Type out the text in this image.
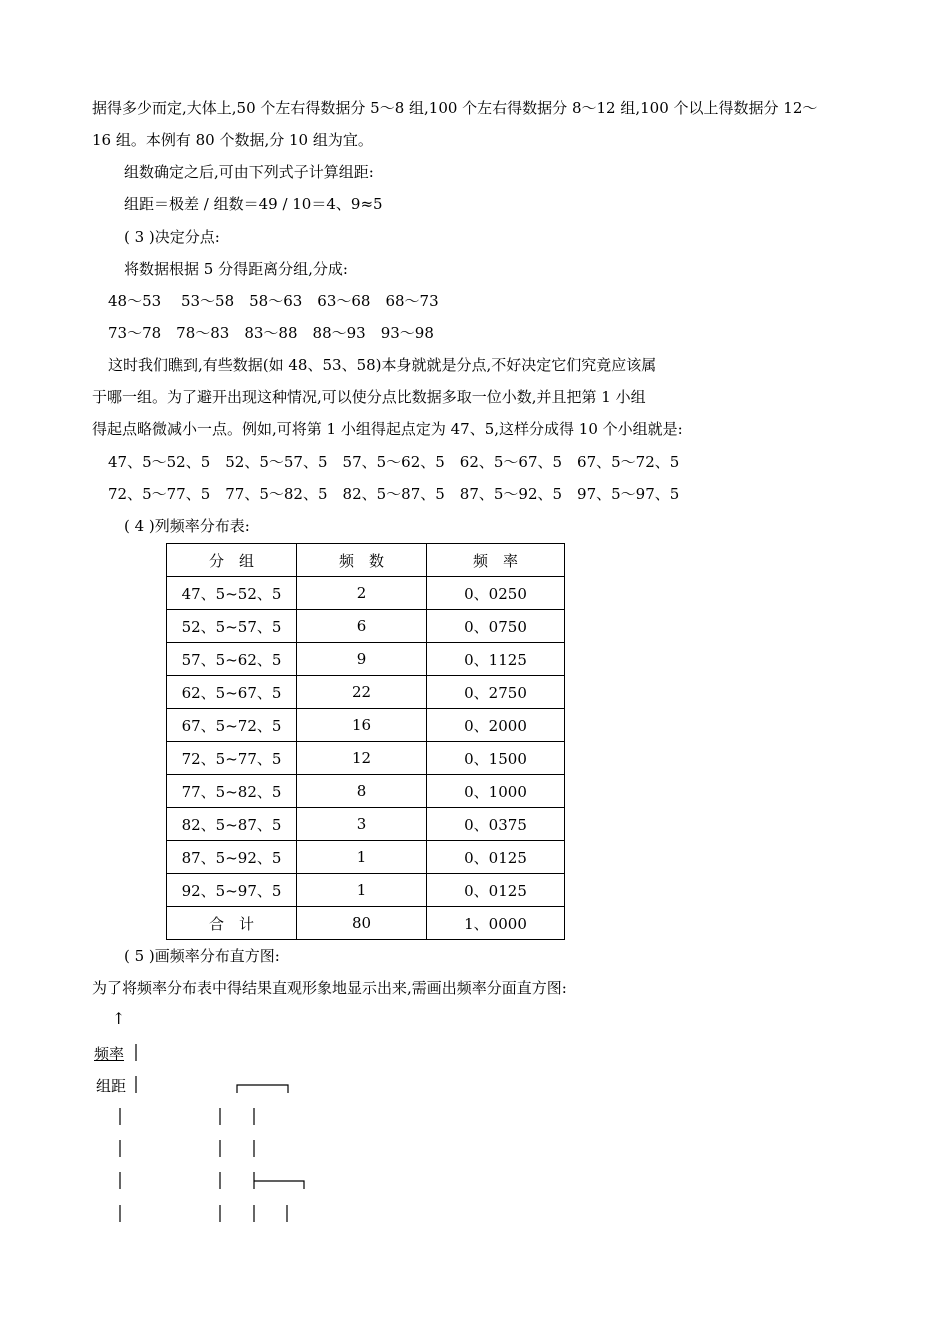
据得多少而定,大体上,50 个左右得数据分 5～8 组,100 个左右得数据分 8～12 组,100 个以上得数据分 12～
16 组。本例有 80 个数据,分 10 组为宜。
组数确定之后,可由下列式子计算组距:
组距＝极差 / 组数＝49 / 10＝4、9≈5
( 3 )决定分点:
将数据根据 5 分得距离分组,分成:
48～53　 53～58　58～63　63～68　68～73
73～78　78～83　83～88　88～93　93～98
这时我们瞧到,有些数据(如 48、53、58)本身就就是分点,不好决定它们究竟应该属
于哪一组。为了避开出现这种情况,可以使分点比数据多取一位小数,并且把第 1 小组
得起点略微减小一点。例如,可将第 1 小组得起点定为 47、5,这样分成得 10 个小组就是:
47、5～52、5　52、5～57、5　57、5～62、5　62、5～67、5　67、5～72、5
72、5～77、5　77、5～82、5　82、5～87、5　87、5～92、5　97、5～97、5
( 4 )列频率分布表:
分　组	频　数	频　率
47、5~52、5	2	0、0250
52、5~57、5	6	0、0750
57、5~62、5	9	0、1125
62、5~67、5	22	0、2750
67、5~72、5	16	0、2000
72、5~77、5	12	0、1500
77、5~82、5	8	0、1000
82、5~87、5	3	0、0375
87、5~92、5	1	0、0125
92、5~97、5	1	0、0125
合　计	80	1、0000
( 5 )画频率分布直方图:
为了将频率分布表中得结果直观形象地显示出来,需画出频率分面直方图:
↑
频率
组距
